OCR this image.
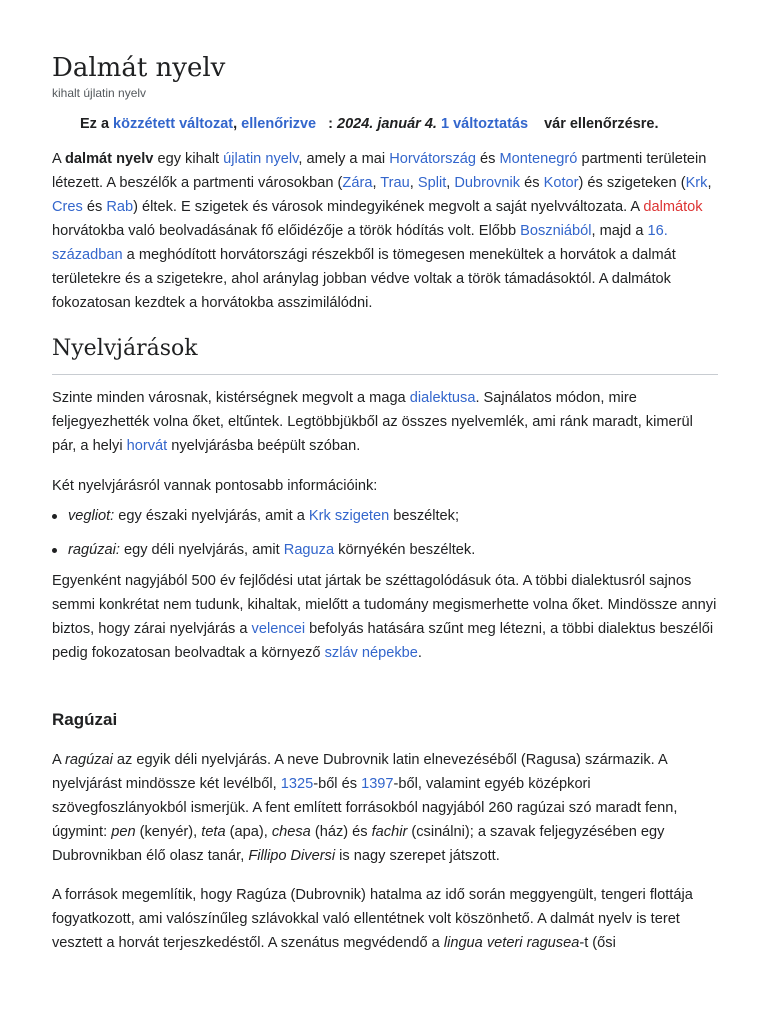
Dalmát nyelv
kihalt újlatin nyelv
Ez a közzétett változat, ellenőrizve : 2024. január 4. 1 változtatás vár ellenőrzésre.

A dalmát nyelv egy kihalt újlatin nyelv, amely a mai Horvátország és Montenegró partmenti területein létezett. A beszélők a partmenti városokban (Zára, Trau, Split, Dubrovnik és Kotor) és szigeteken (Krk, Cres és Rab) éltek. E szigetek és városok mindegyikének megvolt a saját nyelvváltozata. A dalmátok horvátokba való beolvadásának fő előidézője a török hódítás volt. Előbb Boszniából, majd a 16. században a meghódított horvátországi részekből is tömegesen menekültek a horvátok a dalmát területekre és a szigetekre, ahol aránylag jobban védve voltak a török támadásoktól. A dalmátok fokozatosan kezdtek a horvátokba asszimilálódni.

Nyelvjárások

Szinte minden városnak, kistérségnek megvolt a maga dialektusa. Sajnálatos módon, mire feljegyezhették volna őket, eltűntek. Legtöbbjükből az összes nyelvemlék, ami ránk maradt, kimerül pár, a helyi horvát nyelvjárásba beépült szóban.

Két nyelvjárásról vannak pontosabb információink:

vegliot: egy északi nyelvjárás, amit a Krk szigeten beszéltek;
ragúzai: egy déli nyelvjárás, amit Raguza környékén beszéltek.

Egyenként nagyjából 500 év fejlődési utat jártak be széttagolódásuk óta. A többi dialektusról sajnos semmi konkrétat nem tudunk, kihaltak, mielőtt a tudomány megismerhette volna őket. Mindössze annyi biztos, hogy zárai nyelvjárás a velencei befolyás hatására szűnt meg létezni, a többi dialektus beszélői pedig fokozatosan beolvadtak a környező szláv népekbe.

Ragúzai

A ragúzai az egyik déli nyelvjárás. A neve Dubrovnik latin elnevezéséből (Ragusa) származik. A nyelvjárást mindössze két levélből, 1325-ből és 1397-ből, valamint egyéb középkori szövegfoszlányokból ismerjük. A fent említett forrásokból nagyjából 260 ragúzai szó maradt fenn, úgymint: pen (kenyér), teta (apa), chesa (ház) és fachir (csinálni); a szavak feljegyzésében egy Dubrovnikban élő olasz tanár, Fillipo Diversi is nagy szerepet játszott.

A források megemlítik, hogy Ragúza (Dubrovnik) hatalma az idő során meggyengült, tengeri flottája fogyatkozott, ami valószínűleg szlávokkal való ellentétnek volt köszönhető. A dalmát nyelv is teret vesztett a horvát terjeszkedéstől. A szenátus megvédendő a lingua veteri ragusea-t (ősi
